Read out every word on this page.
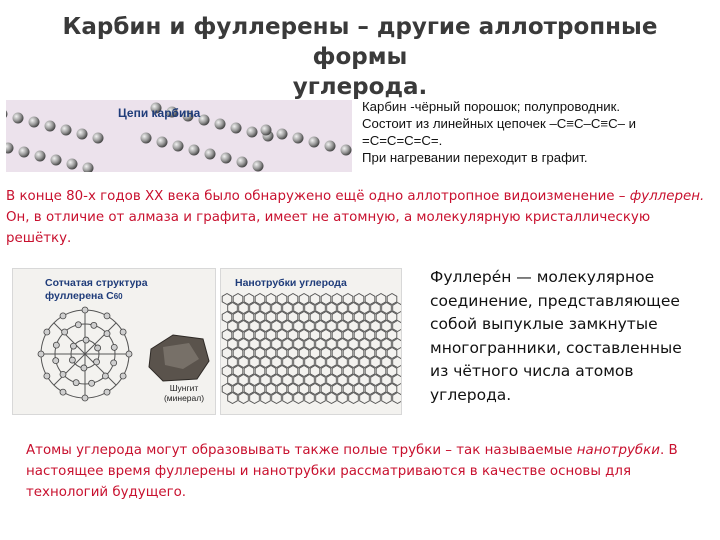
Карбин и фуллерены – другие аллотропные формы
углерода.
Цепи карбина	Карбин -чёрный порошок; полупроводник.
Состоит из линейных цепочек –C≡C–C≡C– и
=C=C=C=C=.
При нагревании переходит в графит.
В конце 80-х годов XX века было обнаружено ещё одно аллотропное видоизменение – фуллерен. Он, в отличие от алмаза и графита, имеет не атомную, а молекулярную кристаллическую решётку.
Сотчатая структура
фуллерена С60
Шунгит
(минерал)
Нанотрубки углерода	Фуллере́н — молекулярное
соединение, представляющее
собой выпуклые замкнутые
многогранники, составленные
из чётного числа атомов
углерода.
Атомы углерода могут образовывать также полые трубки – так называемые нанотрубки. В настоящее время фуллерены и нанотрубки рассматриваются в качестве основы для технологий будущего.
